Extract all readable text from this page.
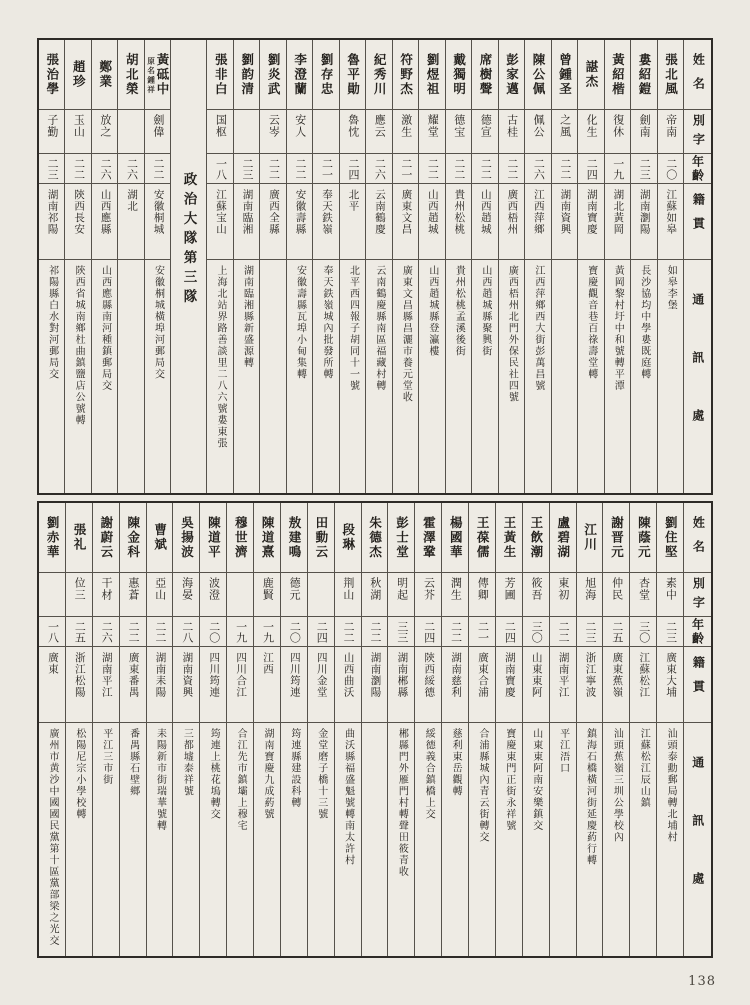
姓名
別字
年齡
籍貫
通訊處
張北風
帝南
二〇
江蘇如皋
如皋李堡
婁紹鎧
劍南
二三
湖南瀏陽
長沙協均中學婁既庭轉
黃紹楷
復休
一九
湖北黃岡
黃岡黎村圩中和號轉平潭
諶杰
化生
二四
湖南寶慶
寶慶觀音巷百祿壽堂轉
曾鍾圣
之風
二二
湖南資興
陳公佩
佩公
二六
江西萍鄉
江西萍鄉西大街彭萬昌號
彭家邁
古桂
二二
廣西梧州
廣西梧州北門外保民社四號
席樹聲
德宣
二二
山西趙城
山西趙城縣聚興街
戴獨明
德宝
二二
貴州松桃
貴州松桃孟溪後街
劉煜祖
耀堂
二二
山西趙城
山西趙城縣登瀛樓
符野杰
激生
二一
廣東文昌
廣東文昌縣昌灑市養元堂收
紀秀川
應云
二六
云南鶴慶
云南鶴慶縣南區福藏村轉
魯平勛
魯忱
二四
北平
北平西四報子胡同十一號
劉存忠
二一
奉天鉄嶺
奉天鉄嶺城內批發所轉
李澄蘭
安人
二二
安徽壽縣
安徽壽縣瓦埠小甸集轉
劉炎武
云岑
二二
廣西全縣
劉韵清
二三
湖南臨湘
湖南臨湘縣新盛源轉
張非白
国枢
一八
江蘇宝山
上海北站界路善談里二八六號婁東張
政治大隊第三隊
黃砥中
原名鍾祥
劍偉
二二
安徽桐城
安徽桐城橫埠河郵局交
胡北榮
二六
湖北
鄭業
放之
二六
山西應縣
山西應縣南河種鎮郵局交
趙珍
玉山
二二
陝西長安
陝西省城南鄉杜曲鎮鹽店公號轉
張治學
子勤
二三
湖南祁陽
祁陽縣白水對河郵局交
姓名
別字
年齡
籍貫
通訊處
劉住堅
素中
二三
廣東大埔
汕頭泰勳郵局轉北埔村
陳蔭元
杏堂
三〇
江蘇松江
江蘇松江辰山鎮
謝晋元
仲民
二五
廣東蕉嶺
汕頭蕉嶺三圳公學校內
江川
旭海
二三
浙江寧波
鎮海石橋橫河街延慶葯行轉
盧碧湖
東初
二二
湖南平江
平江浯口
王飲潮
筱吾
三〇
山東東阿
山東東阿南安樂鎮交
王黃生
芳圃
二四
湖南寶慶
寶慶東門正街永祥號
王葆儒
傳卿
二一
廣東合浦
合浦縣城內青云街轉交
楊國華
潤生
二二
湖南慈利
慈利東岳觀轉
霍澤鞏
云芥
二四
陝西綏德
綏德義合鎮橋上交
彭士堂
明起
三三
湖南郴縣
郴縣門外雁門村轉聲田筱青收
朱德杰
秋湖
二二
湖南瀏陽
段琳
荆山
二二
山西曲沃
曲沃縣福盛魁號轉南太許村
田動云
二四
四川金堂
金堂磨子橋十三號
敖建鳴
德元
二〇
四川筠連
筠連縣建設科轉
陳道熹
鹿賢
一九
江西
湖南寶慶九成葯號
穆世濟
一九
四川合江
合江先市鎮壩上穆宅
陳道平
波澄
二〇
四川筠連
筠連上桃花塢轉交
吳揚波
海晏
二八
湖南資興
三都墟泰祥號
曹斌
亞山
二二
湖南耒陽
耒陽新市街瑞華號轉
陳金科
惠蒼
二二
廣東番禺
番禺縣石壁鄉
謝蔚云
干材
二六
湖南平江
平江三市街
張礼
位三
二五
浙江松陽
松陽尼宗小學校轉
劉赤華
一八
廣東
廣州市黄沙中國國民黨第十區黨部梁之光交
138
